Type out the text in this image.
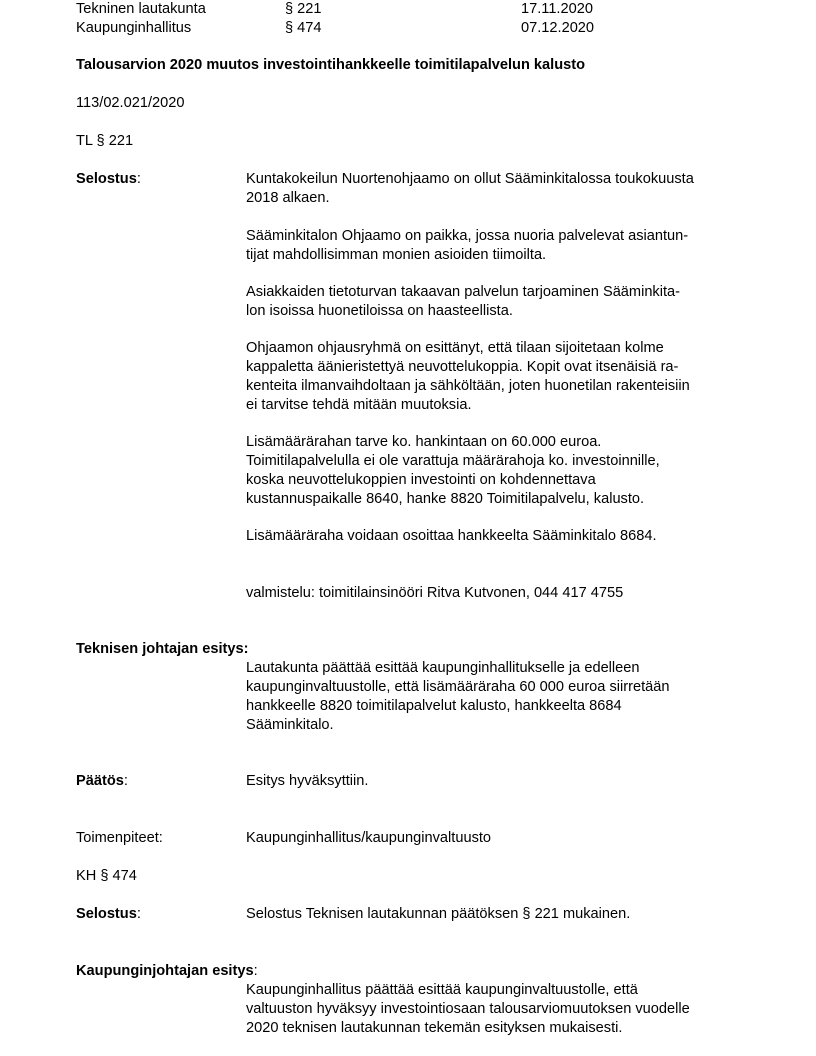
Tekninen lautakunta	§ 221	17.11.2020
Kaupunginhallitus	§ 474	07.12.2020
Talousarvion 2020 muutos investointihankkeelle toimitilapalvelun kalusto
113/02.021/2020
TL § 221
Selostus:	Kuntakokeilun Nuortenohjaamo on ollut Sääminkitalossa toukokuusta
2018 alkaen.

Sääminkitalon Ohjaamo on paikka, jossa nuoria palvelevat asiantun-
tijat mahdollisimman monien asioiden tiimoilta.

Asiakkaiden tietoturvan takaavan palvelun tarjoaminen Sääminkita-
lon isoissa huonetiloissa on haasteellista.

Ohjaamon ohjausryhmä on esittänyt, että tilaan sijoitetaan kolme
kappaletta äänieristettyä neuvottelukoppia. Kopit ovat itsenäisiä ra-
kenteita ilmanvaihdoltaan ja sähköltään, joten huonetilan rakenteisiin
ei tarvitse tehdä mitään muutoksia.

Lisämäärärahan tarve ko. hankintaan on 60.000 euroa.
Toimitilapalvelulla ei ole varattuja määrärahoja ko. investoinnille,
koska neuvottelukoppien investointi on kohdennettava
kustannuspaikalle 8640, hanke 8820 Toimitilapalvelu, kalusto.

Lisämääräraha voidaan osoittaa hankkeelta Sääminkitalo 8684.

valmistelu: toimitilainsinööri Ritva Kutvonen, 044 417 4755
Teknisen johtajan esitys:
Lautakunta päättää esittää kaupunginhallitukselle ja edelleen
kaupunginvaltuustolle, että lisämääräraha 60 000 euroa siirretään
hankkeelle 8820 toimitilapalvelut kalusto, hankkeelta 8684
Sääminkitalo.
Päätös:	Esitys hyväksyttiin.
Toimenpiteet:	Kaupunginhallitus/kaupunginvaltuusto
KH § 474
Selostus:	Selostus Teknisen lautakunnan päätöksen § 221 mukainen.
Kaupunginjohtajan esitys:
Kaupunginhallitus päättää esittää kaupunginvaltuustolle, että
valtuuston hyväksyy investointiosaan talousarviomuutoksen vuodelle
2020 teknisen lautakunnan tekemän esityksen mukaisesti.
